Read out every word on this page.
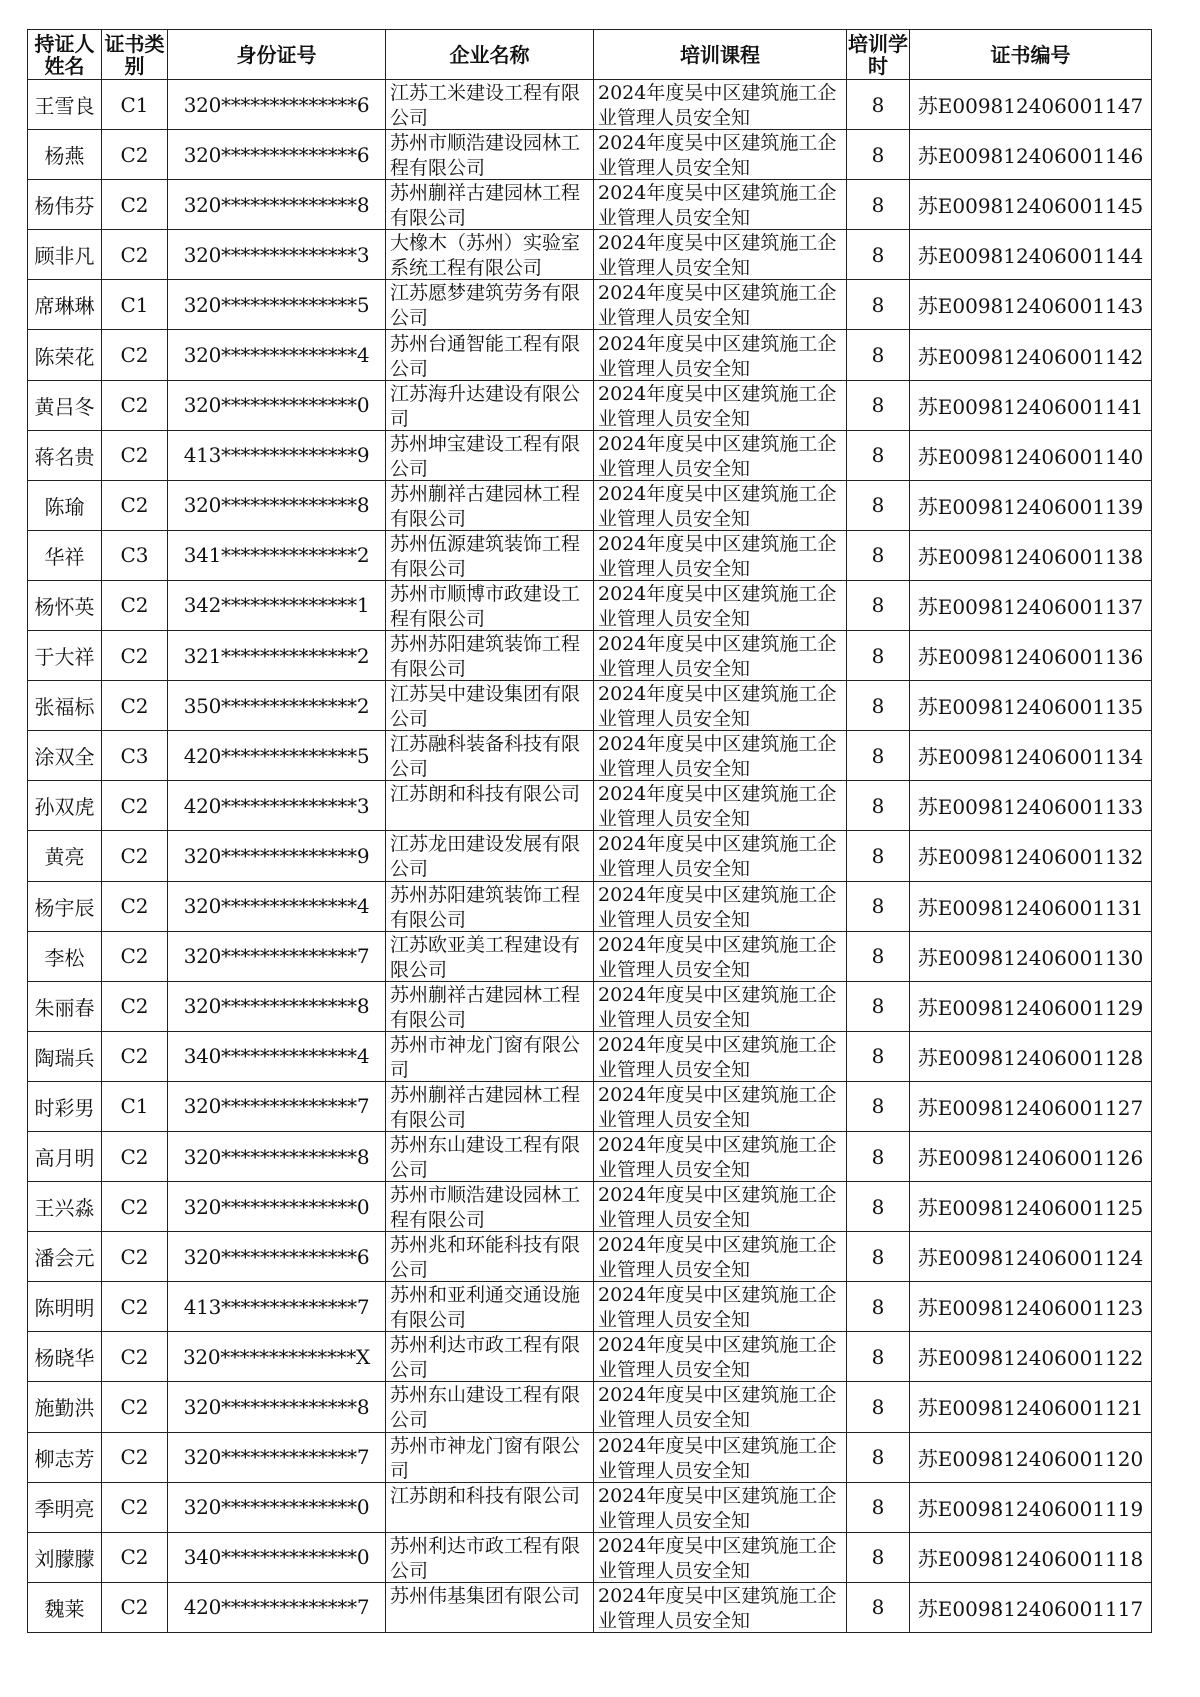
持证人姓名	证书类别	身份证号	企业名称	培训课程	培训学时	证书编号
王雪良	C1	320**************6	江苏工米建设工程有限公司	2024年度吴中区建筑施工企业管理人员安全知	8	苏E009812406001147
杨燕	C2	320**************6	苏州市顺浩建设园林工程有限公司	2024年度吴中区建筑施工企业管理人员安全知	8	苏E009812406001146
杨伟芬	C2	320**************8	苏州蒯祥古建园林工程有限公司	2024年度吴中区建筑施工企业管理人员安全知	8	苏E009812406001145
顾非凡	C2	320**************3	大橡木（苏州）实验室系统工程有限公司	2024年度吴中区建筑施工企业管理人员安全知	8	苏E009812406001144
席琳琳	C1	320**************5	江苏愿梦建筑劳务有限公司	2024年度吴中区建筑施工企业管理人员安全知	8	苏E009812406001143
陈荣花	C2	320**************4	苏州台通智能工程有限公司	2024年度吴中区建筑施工企业管理人员安全知	8	苏E009812406001142
黄吕冬	C2	320**************0	江苏海升达建设有限公司	2024年度吴中区建筑施工企业管理人员安全知	8	苏E009812406001141
蒋名贵	C2	413**************9	苏州坤宝建设工程有限公司	2024年度吴中区建筑施工企业管理人员安全知	8	苏E009812406001140
陈瑜	C2	320**************8	苏州蒯祥古建园林工程有限公司	2024年度吴中区建筑施工企业管理人员安全知	8	苏E009812406001139
华祥	C3	341**************2	苏州伍源建筑装饰工程有限公司	2024年度吴中区建筑施工企业管理人员安全知	8	苏E009812406001138
杨怀英	C2	342**************1	苏州市顺博市政建设工程有限公司	2024年度吴中区建筑施工企业管理人员安全知	8	苏E009812406001137
于大祥	C2	321**************2	苏州苏阳建筑装饰工程有限公司	2024年度吴中区建筑施工企业管理人员安全知	8	苏E009812406001136
张福标	C2	350**************2	江苏吴中建设集团有限公司	2024年度吴中区建筑施工企业管理人员安全知	8	苏E009812406001135
涂双全	C3	420**************5	江苏融科装备科技有限公司	2024年度吴中区建筑施工企业管理人员安全知	8	苏E009812406001134
孙双虎	C2	420**************3	江苏朗和科技有限公司	2024年度吴中区建筑施工企业管理人员安全知	8	苏E009812406001133
黄亮	C2	320**************9	江苏龙田建设发展有限公司	2024年度吴中区建筑施工企业管理人员安全知	8	苏E009812406001132
杨宇辰	C2	320**************4	苏州苏阳建筑装饰工程有限公司	2024年度吴中区建筑施工企业管理人员安全知	8	苏E009812406001131
李松	C2	320**************7	江苏欧亚美工程建设有限公司	2024年度吴中区建筑施工企业管理人员安全知	8	苏E009812406001130
朱丽春	C2	320**************8	苏州蒯祥古建园林工程有限公司	2024年度吴中区建筑施工企业管理人员安全知	8	苏E009812406001129
陶瑞兵	C2	340**************4	苏州市神龙门窗有限公司	2024年度吴中区建筑施工企业管理人员安全知	8	苏E009812406001128
时彩男	C1	320**************7	苏州蒯祥古建园林工程有限公司	2024年度吴中区建筑施工企业管理人员安全知	8	苏E009812406001127
高月明	C2	320**************8	苏州东山建设工程有限公司	2024年度吴中区建筑施工企业管理人员安全知	8	苏E009812406001126
王兴淼	C2	320**************0	苏州市顺浩建设园林工程有限公司	2024年度吴中区建筑施工企业管理人员安全知	8	苏E009812406001125
潘会元	C2	320**************6	苏州兆和环能科技有限公司	2024年度吴中区建筑施工企业管理人员安全知	8	苏E009812406001124
陈明明	C2	413**************7	苏州和亚利通交通设施有限公司	2024年度吴中区建筑施工企业管理人员安全知	8	苏E009812406001123
杨晓华	C2	320**************X	苏州利达市政工程有限公司	2024年度吴中区建筑施工企业管理人员安全知	8	苏E009812406001122
施勤洪	C2	320**************8	苏州东山建设工程有限公司	2024年度吴中区建筑施工企业管理人员安全知	8	苏E009812406001121
柳志芳	C2	320**************7	苏州市神龙门窗有限公司	2024年度吴中区建筑施工企业管理人员安全知	8	苏E009812406001120
季明亮	C2	320**************0	江苏朗和科技有限公司	2024年度吴中区建筑施工企业管理人员安全知	8	苏E009812406001119
刘朦朦	C2	340**************0	苏州利达市政工程有限公司	2024年度吴中区建筑施工企业管理人员安全知	8	苏E009812406001118
魏莱	C2	420**************7	苏州伟基集团有限公司	2024年度吴中区建筑施工企业管理人员安全知	8	苏E009812406001117
